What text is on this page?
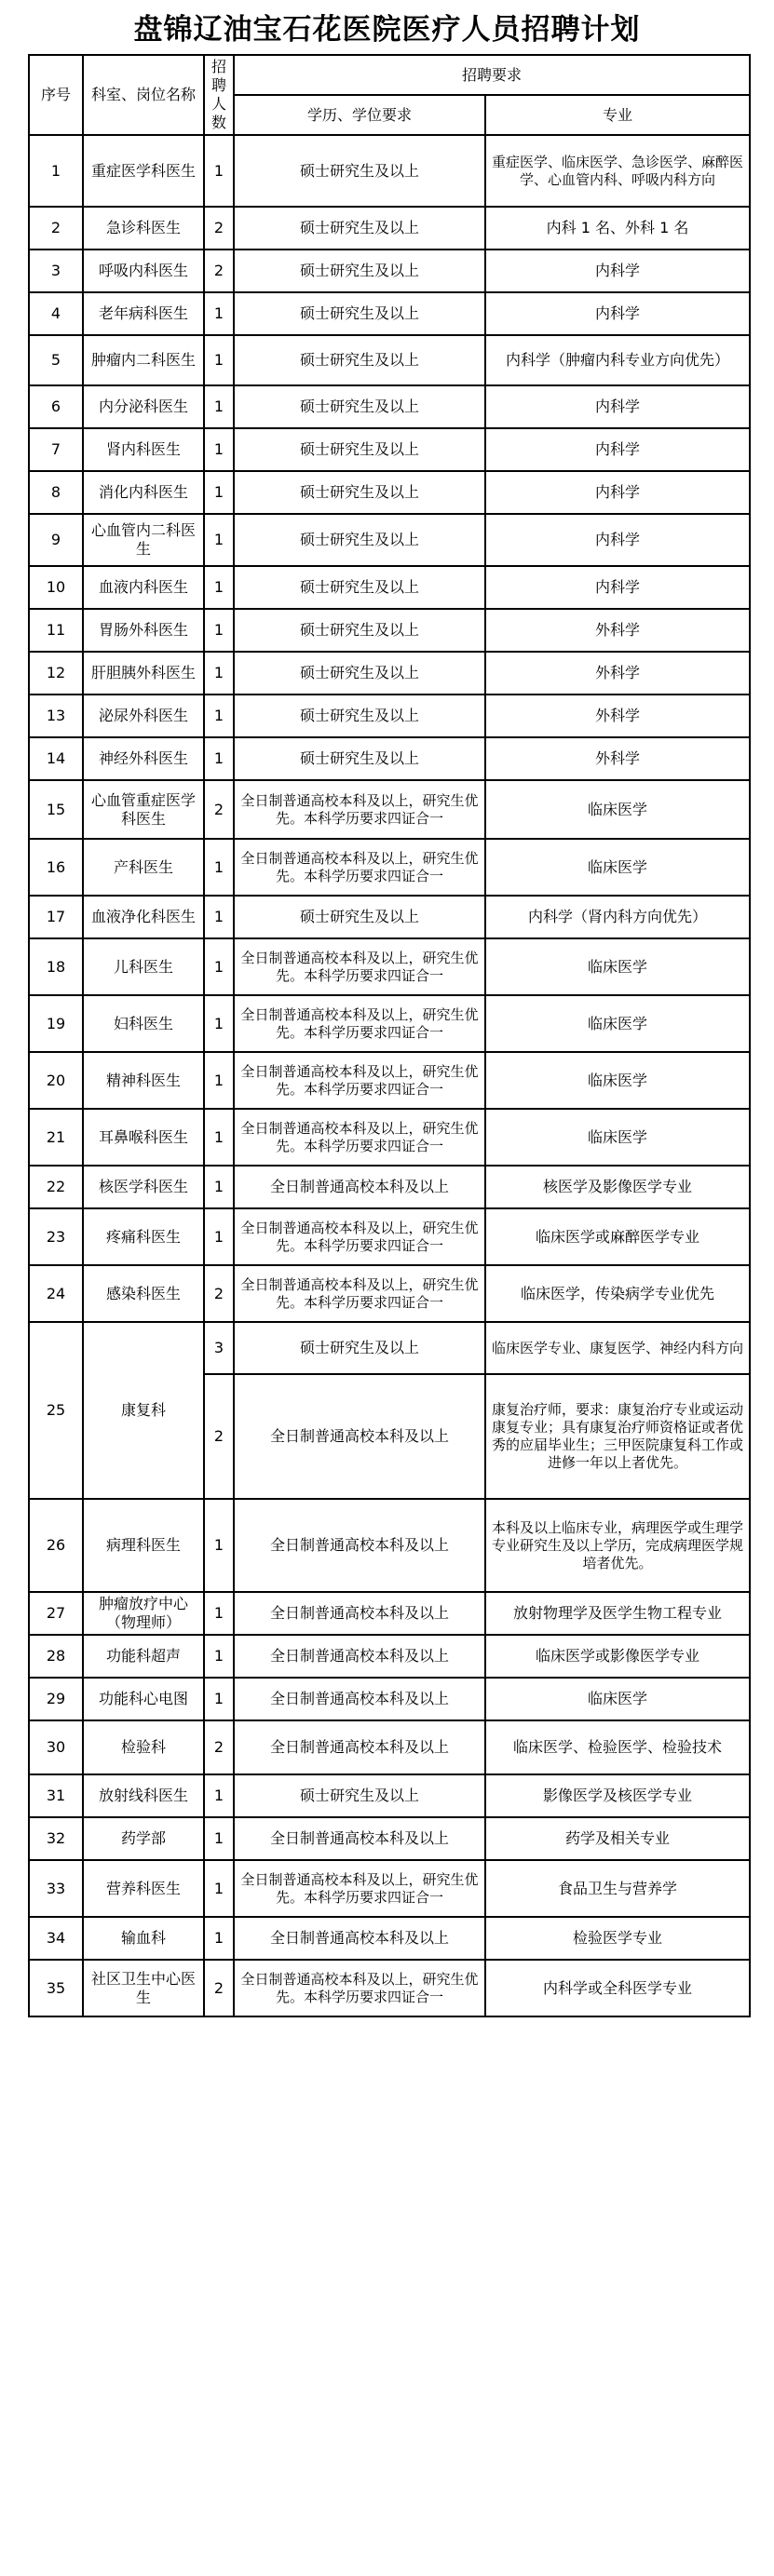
盘锦辽油宝石花医院医疗人员招聘计划
序号	科室、岗位名称	招聘人数	招聘要求	
			学历、学位要求	专业
1	重症医学科医生	1	硕士研究生及以上	重症医学、临床医学、急诊医学、麻醉医学、心血管内科、呼吸内科方向
2	急诊科医生	2	硕士研究生及以上	内科 1 名、外科 1 名
3	呼吸内科医生	2	硕士研究生及以上	内科学
4	老年病科医生	1	硕士研究生及以上	内科学
5	肿瘤内二科医生	1	硕士研究生及以上	内科学（肿瘤内科专业方向优先）
6	内分泌科医生	1	硕士研究生及以上	内科学
7	肾内科医生	1	硕士研究生及以上	内科学
8	消化内科医生	1	硕士研究生及以上	内科学
9	心血管内二科医生	1	硕士研究生及以上	内科学
10	血液内科医生	1	硕士研究生及以上	内科学
11	胃肠外科医生	1	硕士研究生及以上	外科学
12	肝胆胰外科医生	1	硕士研究生及以上	外科学
13	泌尿外科医生	1	硕士研究生及以上	外科学
14	神经外科医生	1	硕士研究生及以上	外科学
15	心血管重症医学科医生	2	全日制普通高校本科及以上，研究生优先。本科学历要求四证合一	临床医学
16	产科医生	1	全日制普通高校本科及以上，研究生优先。本科学历要求四证合一	临床医学
17	血液净化科医生	1	硕士研究生及以上	内科学（肾内科方向优先）
18	儿科医生	1	全日制普通高校本科及以上，研究生优先。本科学历要求四证合一	临床医学
19	妇科医生	1	全日制普通高校本科及以上，研究生优先。本科学历要求四证合一	临床医学
20	精神科医生	1	全日制普通高校本科及以上，研究生优先。本科学历要求四证合一	临床医学
21	耳鼻喉科医生	1	全日制普通高校本科及以上，研究生优先。本科学历要求四证合一	临床医学
22	核医学科医生	1	全日制普通高校本科及以上	核医学及影像医学专业
23	疼痛科医生	1	全日制普通高校本科及以上，研究生优先。本科学历要求四证合一	临床医学或麻醉医学专业
24	感染科医生	2	全日制普通高校本科及以上，研究生优先。本科学历要求四证合一	临床医学，传染病学专业优先
25	康复科	3	硕士研究生及以上	临床医学专业、康复医学、神经内科方向
		2	全日制普通高校本科及以上	康复治疗师，要求：康复治疗专业或运动康复专业；具有康复治疗师资格证或者优秀的应届毕业生；三甲医院康复科工作或进修一年以上者优先。
26	病理科医生	1	全日制普通高校本科及以上	本科及以上临床专业，病理医学或生理学专业研究生及以上学历，完成病理医学规培者优先。
27	肿瘤放疗中心（物理师）	1	全日制普通高校本科及以上	放射物理学及医学生物工程专业
28	功能科超声	1	全日制普通高校本科及以上	临床医学或影像医学专业
29	功能科心电图	1	全日制普通高校本科及以上	临床医学
30	检验科	2	全日制普通高校本科及以上	临床医学、检验医学、检验技术
31	放射线科医生	1	硕士研究生及以上	影像医学及核医学专业
32	药学部	1	全日制普通高校本科及以上	药学及相关专业
33	营养科医生	1	全日制普通高校本科及以上，研究生优先。本科学历要求四证合一	食品卫生与营养学
34	输血科	1	全日制普通高校本科及以上	检验医学专业
35	社区卫生中心医生	2	全日制普通高校本科及以上，研究生优先。本科学历要求四证合一	内科学或全科医学专业
